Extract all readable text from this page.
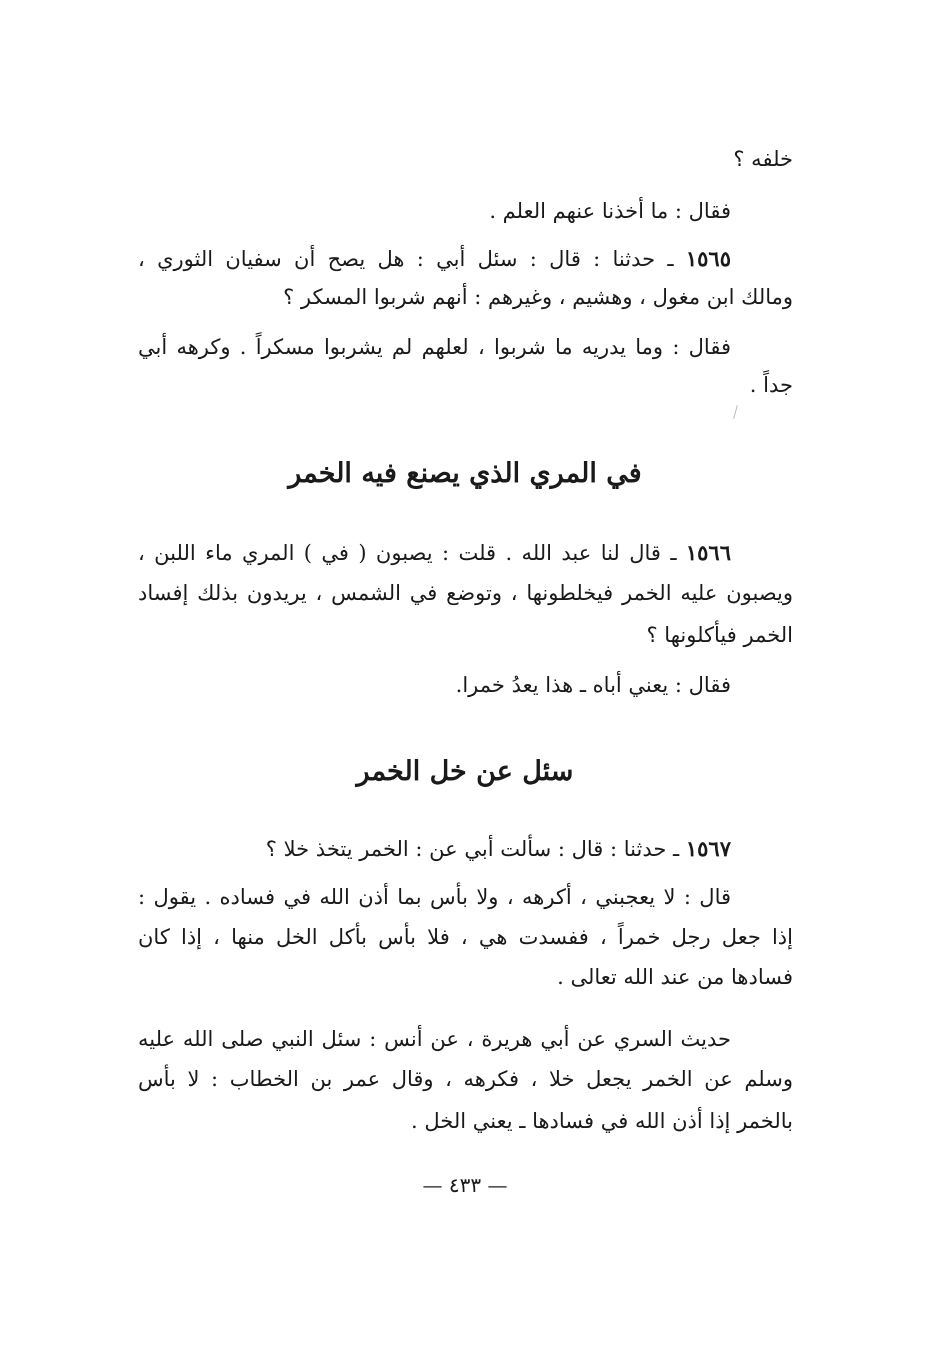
خلفه ؟
فقال : ما أخذنا عنهم العلم .
١٥٦٥ ـ حدثنا : قال : سئل أبي : هل يصح أن سفيان الثوري ،
ومالك ابن مغول ، وهشيم ، وغيرهم : أنهم شربوا المسكر ؟
فقال : وما يدريه ما شربوا ، لعلهم لم يشربوا مسكراً . وكرهه أبي
جداً .
في المري الذي يصنع فيه الخمر
١٥٦٦ ـ قال لنا عبد الله . قلت : يصبون ( في ) المري ماء اللبن ،
ويصبون عليه الخمر فيخلطونها ، وتوضع في الشمس ، يريدون بذلك إفساد
الخمر فيأكلونها ؟
فقال : يعني أباه ـ هذا يعدُ خمرا.
سئل عن خل الخمر
١٥٦٧ ـ حدثنا : قال : سألت أبي عن : الخمر يتخذ خلا ؟
قال : لا يعجبني ، أكرهه ، ولا بأس بما أذن الله في فساده . يقول :
إذا جعل رجل خمراً ، ففسدت هي ، فلا بأس بأكل الخل منها ، إذا كان
فسادها من عند الله تعالى .
حديث السري عن أبي هريرة ، عن أنس : سئل النبي صلى الله عليه
وسلم عن الخمر يجعل خلا ، فكرهه ، وقال عمر بن الخطاب : لا بأس
بالخمر إذا أذن الله في فسادها ـ يعني الخل .
— ٤٣٣ —
